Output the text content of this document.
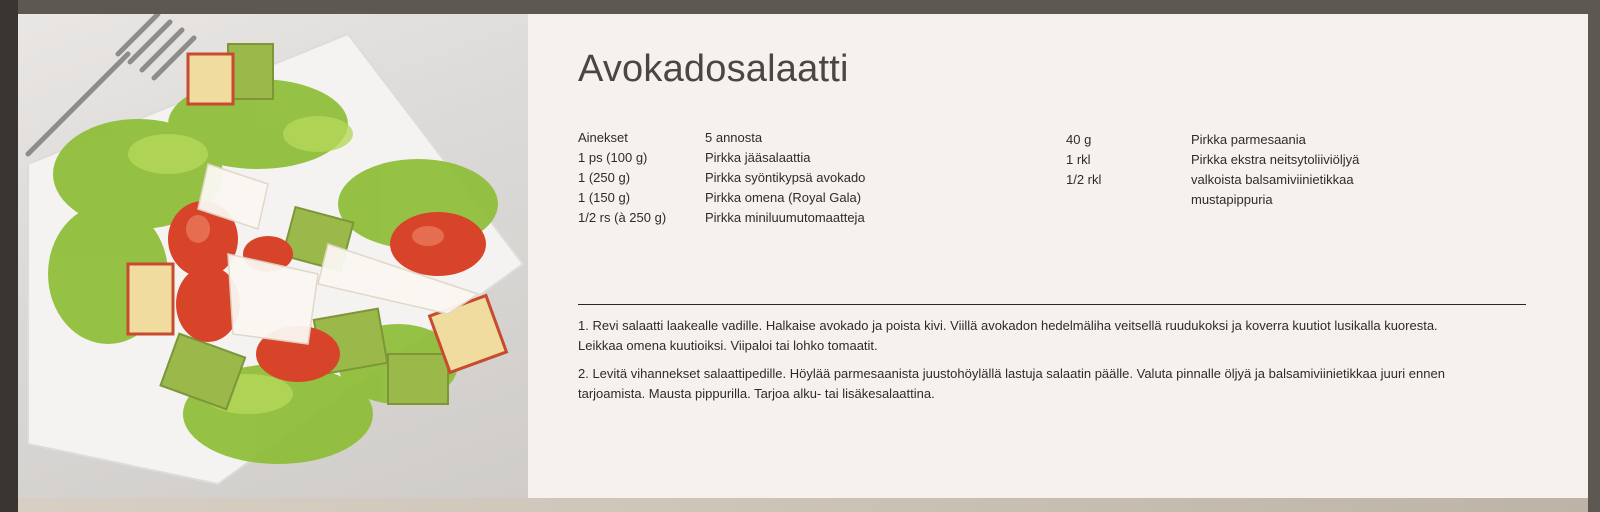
Avokadosalaatti
Ainekset
1 ps (100 g)
1 (250 g)
1 (150 g)
1/2 rs (à 250 g)
5 annosta
Pirkka jääsalaattia
Pirkka syöntikypsä avokado
Pirkka omena (Royal Gala)
Pirkka miniluumutomaatteja
40 g
1 rkl
1/2 rkl
Pirkka parmesaania
Pirkka ekstra neitsytoliiviöljyä
valkoista balsamiviinietikkaa
mustapippuria

1. Revi salaatti laakealle vadille. Halkaise avokado ja poista kivi. Viillä avokadon hedelmäliha veitsellä ruudukoksi ja koverra kuutiot lusikalla kuoresta. Leikkaa omena kuutioiksi. Viipaloi tai lohko tomaatit.

2. Levitä vihannekset salaattipedille. Höylää parmesaanista juustohöylällä lastuja salaatin päälle. Valuta pinnalle öljyä ja balsamiviinietikkaa juuri ennen tarjoamista. Mausta pippurilla. Tarjoa alku- tai lisäkesalaattina.
